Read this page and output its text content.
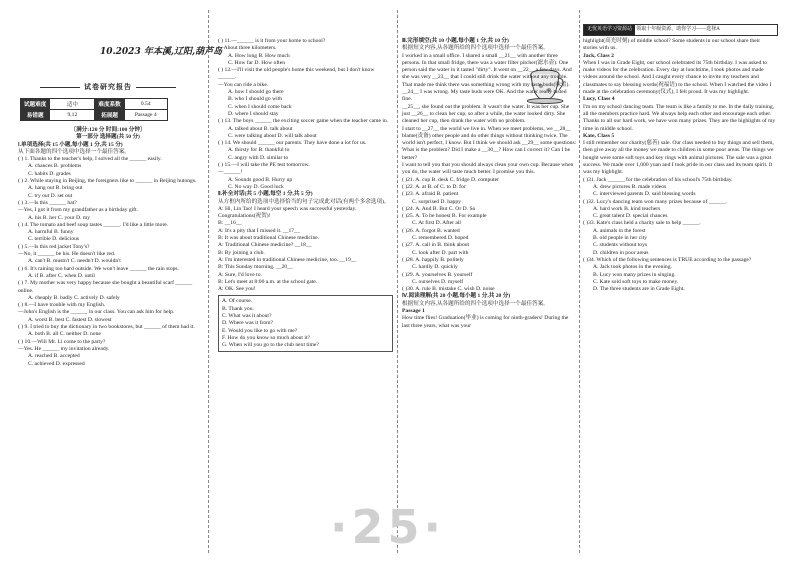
无忧英语学习资源站 领取十年级资源，助你学习——选择A
10.2023 年本溪,辽阳,葫芦岛
试卷研究报告
试题难度	适中	难度系数	0.54
易错题	9,12	拓展题	Passage 4

〔满分:120 分 时间:100 分钟〕

第一部分 选择题(共 50 分)

Ⅰ.单项选择(共 15 小题,每小题 1 分,共 15 分)

从下面各题的四个选项中选择一个最佳答案。

( ) 1. Thanks to the teacher's help, I solved all the ______ easily.

A. chances B. problems

C. habits D. grades

( ) 2. While staying in Beijing, the foreigners like to ______ in Beijing hutongs.

A. hang out B. bring out

C. try out D. set out

( ) 3.—Is this ______ hat?

—Yes, I got it from my grandfather as a birthday gift.

A. his B. her C. your D. my

( ) 4. The tomato and beef soup tastes ______. I'd like a little more.

A. harmful B. funny

C. terrible D. delicious

( ) 5.—Is this red jacket Tony's?

—No, it ______ be his. He doesn't like red.

A. can't B. mustn't C. needn't D. wouldn't

( ) 6. It's raining too hard outside. We won't leave ______ the rain stops.

A. if B. after C. when D. until

( ) 7. My mother was very happy because she bought a beautiful scarf ______ online.

A. cheaply B. badly C. actively D. safely

( ) 8.—I have trouble with my English.

—John's English is the ______ in our class. You can ask him for help.

A. worst B. best C. fastest D. slowest

( ) 9. I tried to buy the dictionary in two bookstores, but ______ of them had it.

A. both B. all C. neither D. none

( ) 10.—Will Mr. Li come to the party?

—Yes. He ______ my invitation already.

A. reached B. accepted

C. achieved D. expressed

( ) 11.—______ is it from your home to school?

—About three kilometers.

A. How long B. How much

C. How far D. How often

( ) 12.—I'll visit the old people's home this weekend, but I don't know ______.

—You can ride a bike.

A. how I should go there

B. who I should go with

C. when I should come back

D. where I should stay

( ) 13. The boys ______ the exciting soccer game when the teacher came in.

A. talked about B. talk about

C. were talking about D. will talk about

( ) 14. We should ______ our parents. They have done a lot for us.

A. thirsty for B. thankful to

C. angry with D. similar to

( ) 15.—I will take the PE test tomorrow.

—______!

A. Sounds good B. Hurry up

C. No way D. Good luck

Ⅱ.补全对话(共 5 小题,每空 1 分,共 5 分)

从方框内所给的选项中选择恰当的句子完成此对话(有两个多余选项)。

A: Hi, Lin Tao! I heard your speech was successful yesterday. Congratulations(祝贺)!

B: __16__

A: It's a pity that I missed it. __17__

B: It was about traditional Chinese medicine.

A: Traditional Chinese medicine? __18__

B: By joining a club.

A: I'm interested in traditional Chinese medicine, too. __19__

B: This Sunday morning. __20__

A: Sure, I'd love to.

B: Let's meet at 8:00 a.m. at the school gate.

A: OK. See you!

A. Of course.

B. Thank you.

C. What was it about?

D. Where was it from?

E. Would you like to go with me?

F. How do you know so much about it?

G. When will you go to the club next time?

Ⅲ.完形填空(共 10 小题,每小题 1 分,共 10 分)

根据短文内容,从各题所给的四个选项中选择一个最佳答案。

I worked in a small office. I shared a small __21__ with another three persons. In that small fridge, there was a water filter pitcher(滤水壶). One person said the water in it tasted "dirty". It went on __22__ a few days. And she was very __23__ that I could still drink the water without any trouble. That made me think there was something wrong with my taste buds(味蕾). __24__ I was wrong. My taste buds were OK. And the water really tasted fine.

__25__, she found out the problem. It wasn't the water. It was her cup. She just __26__ to clean her cup, so after a while, the water looked dirty. She cleaned her cup, then drank the water with no problem.

I start to __27__ the world we live in. When we meet problems, we __28__ blame(责备) other people and do other things without thinking twice. The world isn't perfect, I know. But I think we should ask __29__ some questions: What is the problem? Did I make a __30__? How can I correct it? Can I be better?

I want to tell you that you should always clean your own cup. Because when you do, the water will taste much better. I promise you this.

( )21. A. cup B. desk C. fridge D. computer

( )22. A. at B. of C. to D. for

( )23. A. afraid B. patient

C. surprised D. happy

( )24. A. And B. But C. Or D. So

( )25. A. To be honest B. For example

C. At first D. After all

( )26. A. forgot B. wanted

C. remembered D. hoped

( )27. A. call in B. think about

C. look after D. part with

( )28. A. happily B. politely

C. hardly D. quickly

( )29. A. yourselves B. yourself

C. ourselves D. myself

( )30. A. rule B. mistake C. wish D. noise

Ⅳ.阅读理解(共 20 小题,每小题 1 分,共 20 分)

根据短文内容,从各题所给的四个选项中选择一个最佳答案。

Passage 1

How time flies! Graduation(毕业) is coming for ninth-graders! During the last three years, what was your

highlight(高光时刻) of middle school? Some students in our school share their stories with us.

Jack, Class 2

When I was in Grade Eight, our school celebrated its 75th birthday. I was asked to make videos for the celebration. Every day at lunchtime, I took photos and made videos around the school. And I caught every chance to invite my teachers and classmates to say blessing words(祝福语) to the school. When I watched the video I made at the celebration ceremony(仪式), I felt proud. It was my highlight.

Lucy, Class 4

I'm on my school dancing team. The team is like a family to me. In the daily training, all the members practice hard. We always help each other and encourage each other. Thanks to all our hard work, we have won many prizes. They are the highlights of my time in middle school.

Kate, Class 5

I still remember our charity(慈善) sale. Our class needed to buy things and sell them, then give away all the money we made to children in some poor areas. The things we bought were some soft toys and key rings with animal pictures. The sale was a great success. We made over 1,000 yuan and I took pride in our class and its team spirit. It was my highlight.

( )31. Jack ______ for the celebration of his school's 75th birthday.

A. drew pictures B. made videos

C. interviewed parents D. said blessing words

( )32. Lucy's dancing team won many prizes because of ______.

A. hard work B. kind teachers

C. great talent D. special chances

( )33. Kate's class held a charity sale to help ______.

A. animals in the forest

B. old people in her city

C. students without toys

D. children in poor areas

( )34. Which of the following sentences is TRUE according to the passage?

A. Jack took photos in the evening.

B. Lucy won many prizes in singing.

C. Kate sold soft toys to make money.

D. The three students are in Grade Eight.

·25·
